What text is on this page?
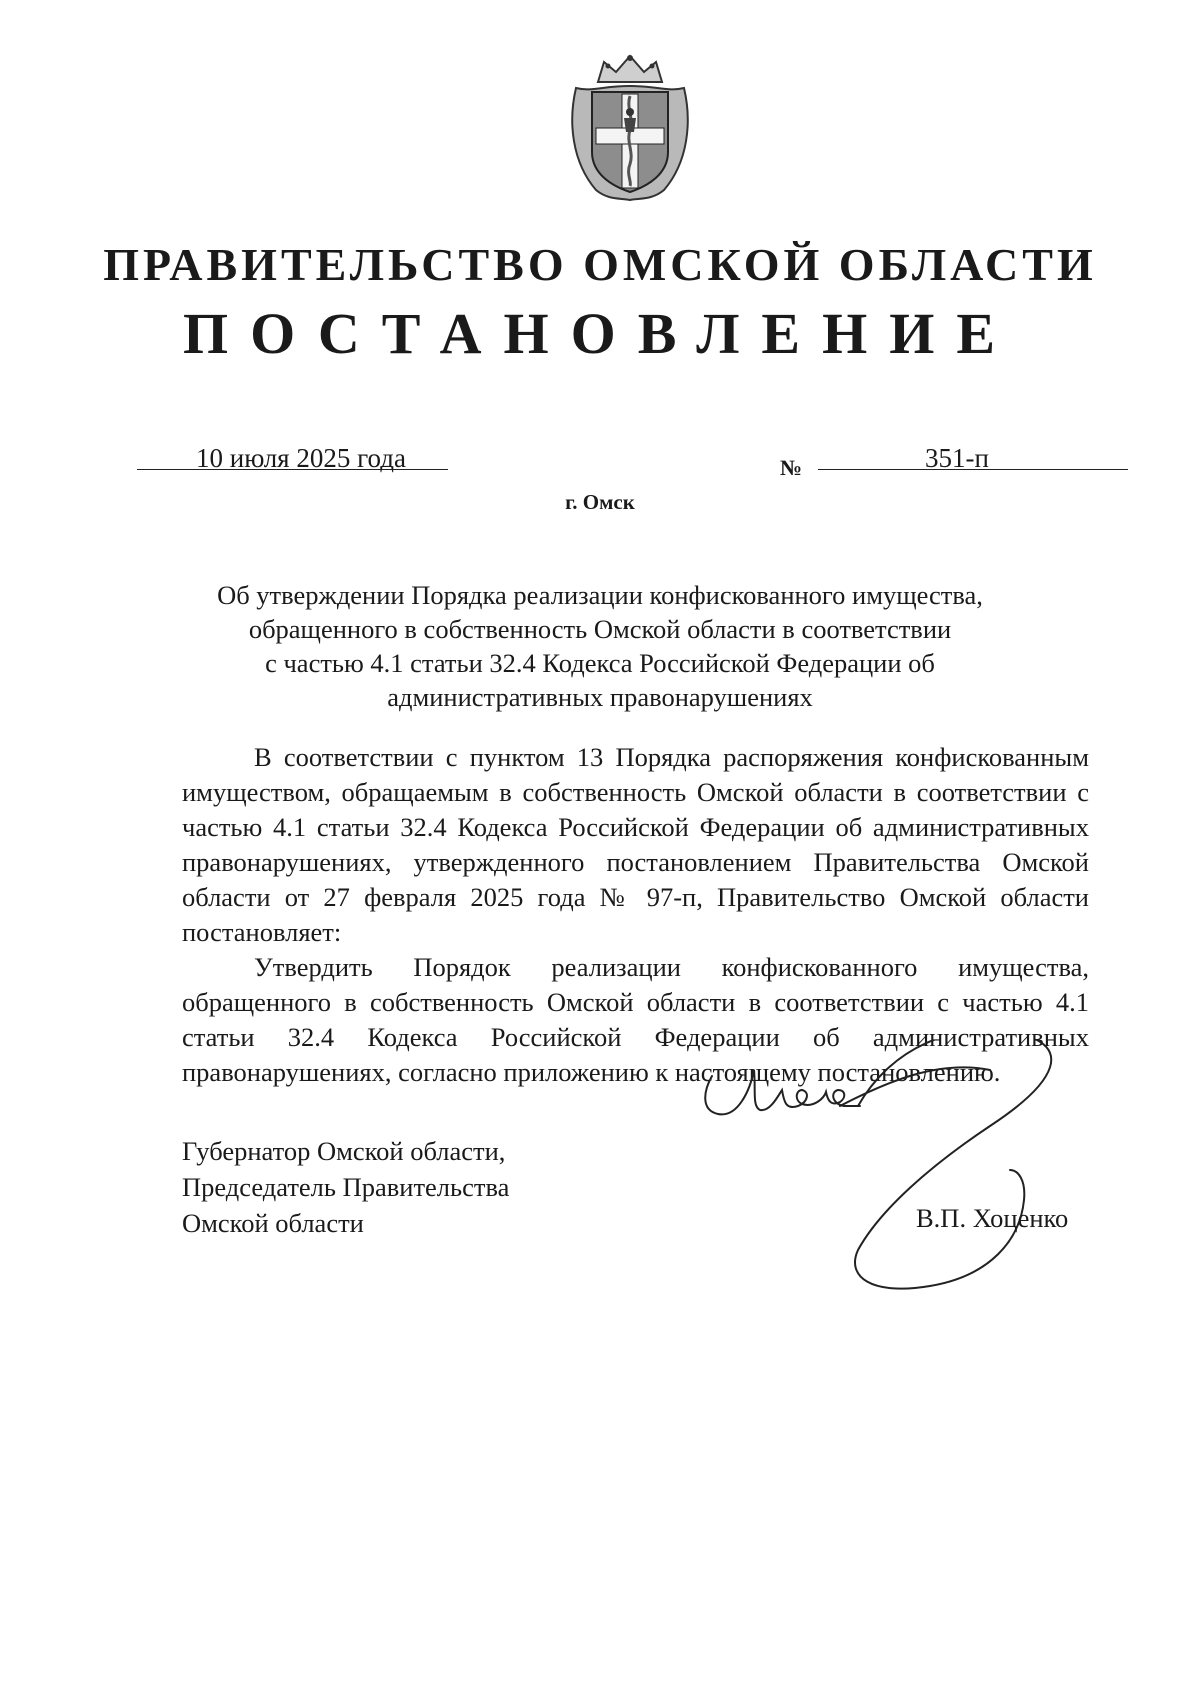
ПРАВИТЕЛЬСТВО ОМСКОЙ ОБЛАСТИ
ПОСТАНОВЛЕНИЕ
10 июля 2025 года	№	351-п
г. Омск
Об утверждении Порядка реализации конфискованного имущества,
обращенного в собственность Омской области в соответствии
с частью 4.1 статьи 32.4 Кодекса Российской Федерации об
административных правонарушениях

В соответствии с пунктом 13 Порядка распоряжения конфискованным имуществом, обращаемым в собственность Омской области в соответствии с частью 4.1 статьи 32.4 Кодекса Российской Федерации об административных правонарушениях, утвержденного постановлением Правительства Омской области от 27 февраля 2025 года № 97-п, Правительство Омской области постановляет:

Утвердить Порядок реализации конфискованного имущества, обращенного в собственность Омской области в соответствии с частью 4.1 статьи 32.4 Кодекса Российской Федерации об административных правонарушениях, согласно приложению к настоящему постановлению.

Губернатор Омской области,
Председатель Правительства
Омской области	В.П. Хоценко
